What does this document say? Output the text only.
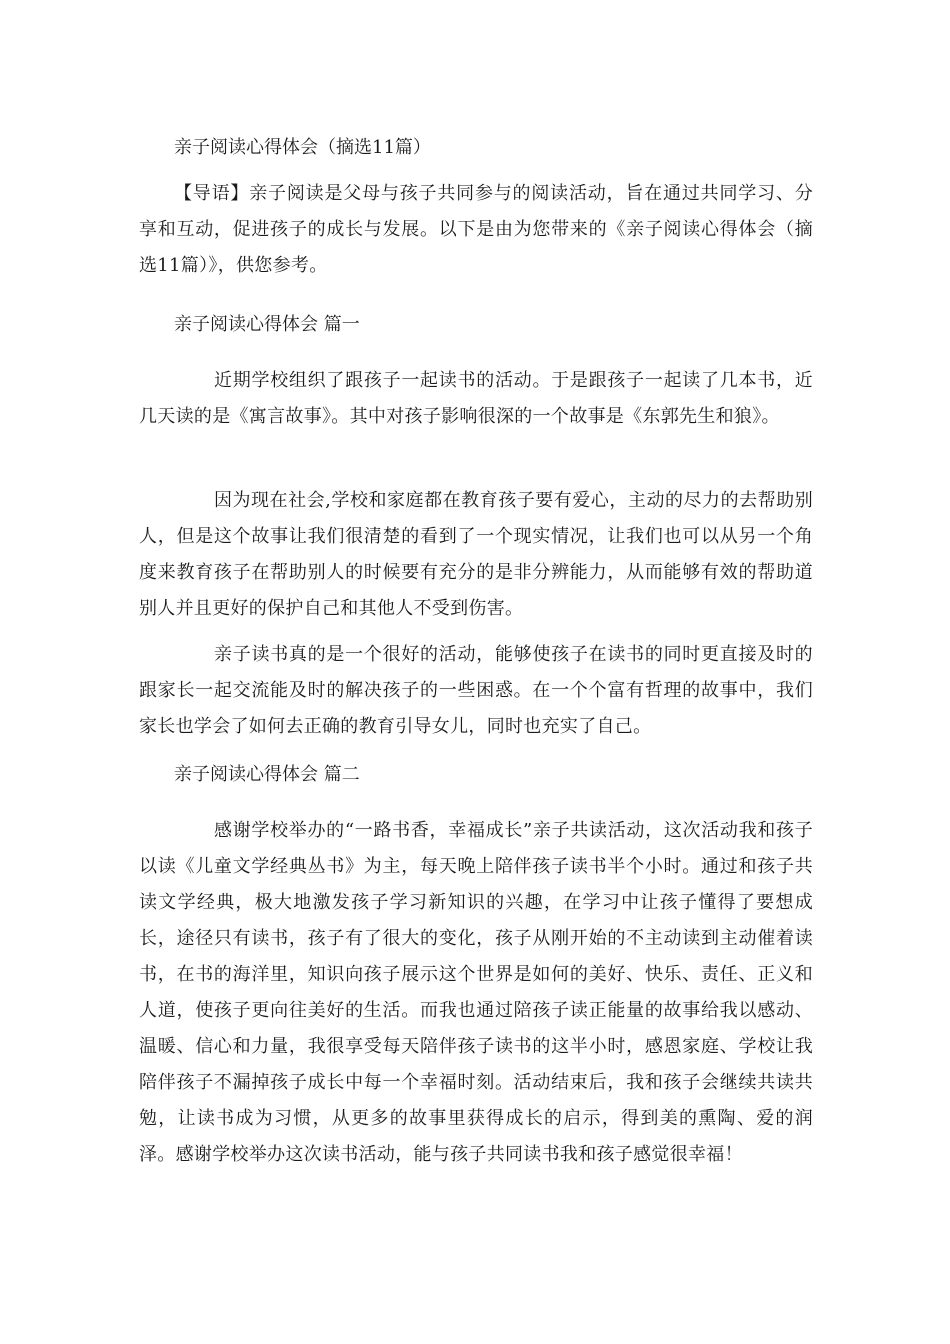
亲子阅读心得体会（摘选11篇）
【导语】亲子阅读是父母与孩子共同参与的阅读活动，旨在通过共同学习、分享和互动，促进孩子的成长与发展。以下是由为您带来的《亲子阅读心得体会（摘选11篇）》，供您参考。
亲子阅读心得体会 篇一
近期学校组织了跟孩子一起读书的活动。于是跟孩子一起读了几本书，近几天读的是《寓言故事》。其中对孩子影响很深的一个故事是《东郭先生和狼》。
因为现在社会,学校和家庭都在教育孩子要有爱心，主动的尽力的去帮助别人，但是这个故事让我们很清楚的看到了一个现实情况，让我们也可以从另一个角度来教育孩子在帮助别人的时候要有充分的是非分辨能力，从而能够有效的帮助道别人并且更好的保护自己和其他人不受到伤害。
亲子读书真的是一个很好的活动，能够使孩子在读书的同时更直接及时的跟家长一起交流能及时的解决孩子的一些困惑。在一个个富有哲理的故事中，我们家长也学会了如何去正确的教育引导女儿，同时也充实了自己。
亲子阅读心得体会 篇二
感谢学校举办的“一路书香，幸福成长”亲子共读活动，这次活动我和孩子以读《儿童文学经典丛书》为主，每天晚上陪伴孩子读书半个小时。通过和孩子共读文学经典，极大地激发孩子学习新知识的兴趣，在学习中让孩子懂得了要想成长，途径只有读书，孩子有了很大的变化，孩子从刚开始的不主动读到主动催着读书，在书的海洋里，知识向孩子展示这个世界是如何的美好、快乐、责任、正义和人道，使孩子更向往美好的生活。而我也通过陪孩子读正能量的故事给我以感动、温暖、信心和力量，我很享受每天陪伴孩子读书的这半小时，感恩家庭、学校让我陪伴孩子不漏掉孩子成长中每一个幸福时刻。活动结束后，我和孩子会继续共读共勉，让读书成为习惯，从更多的故事里获得成长的启示，得到美的熏陶、爱的润泽。感谢学校举办这次读书活动，能与孩子共同读书我和孩子感觉很幸福！
